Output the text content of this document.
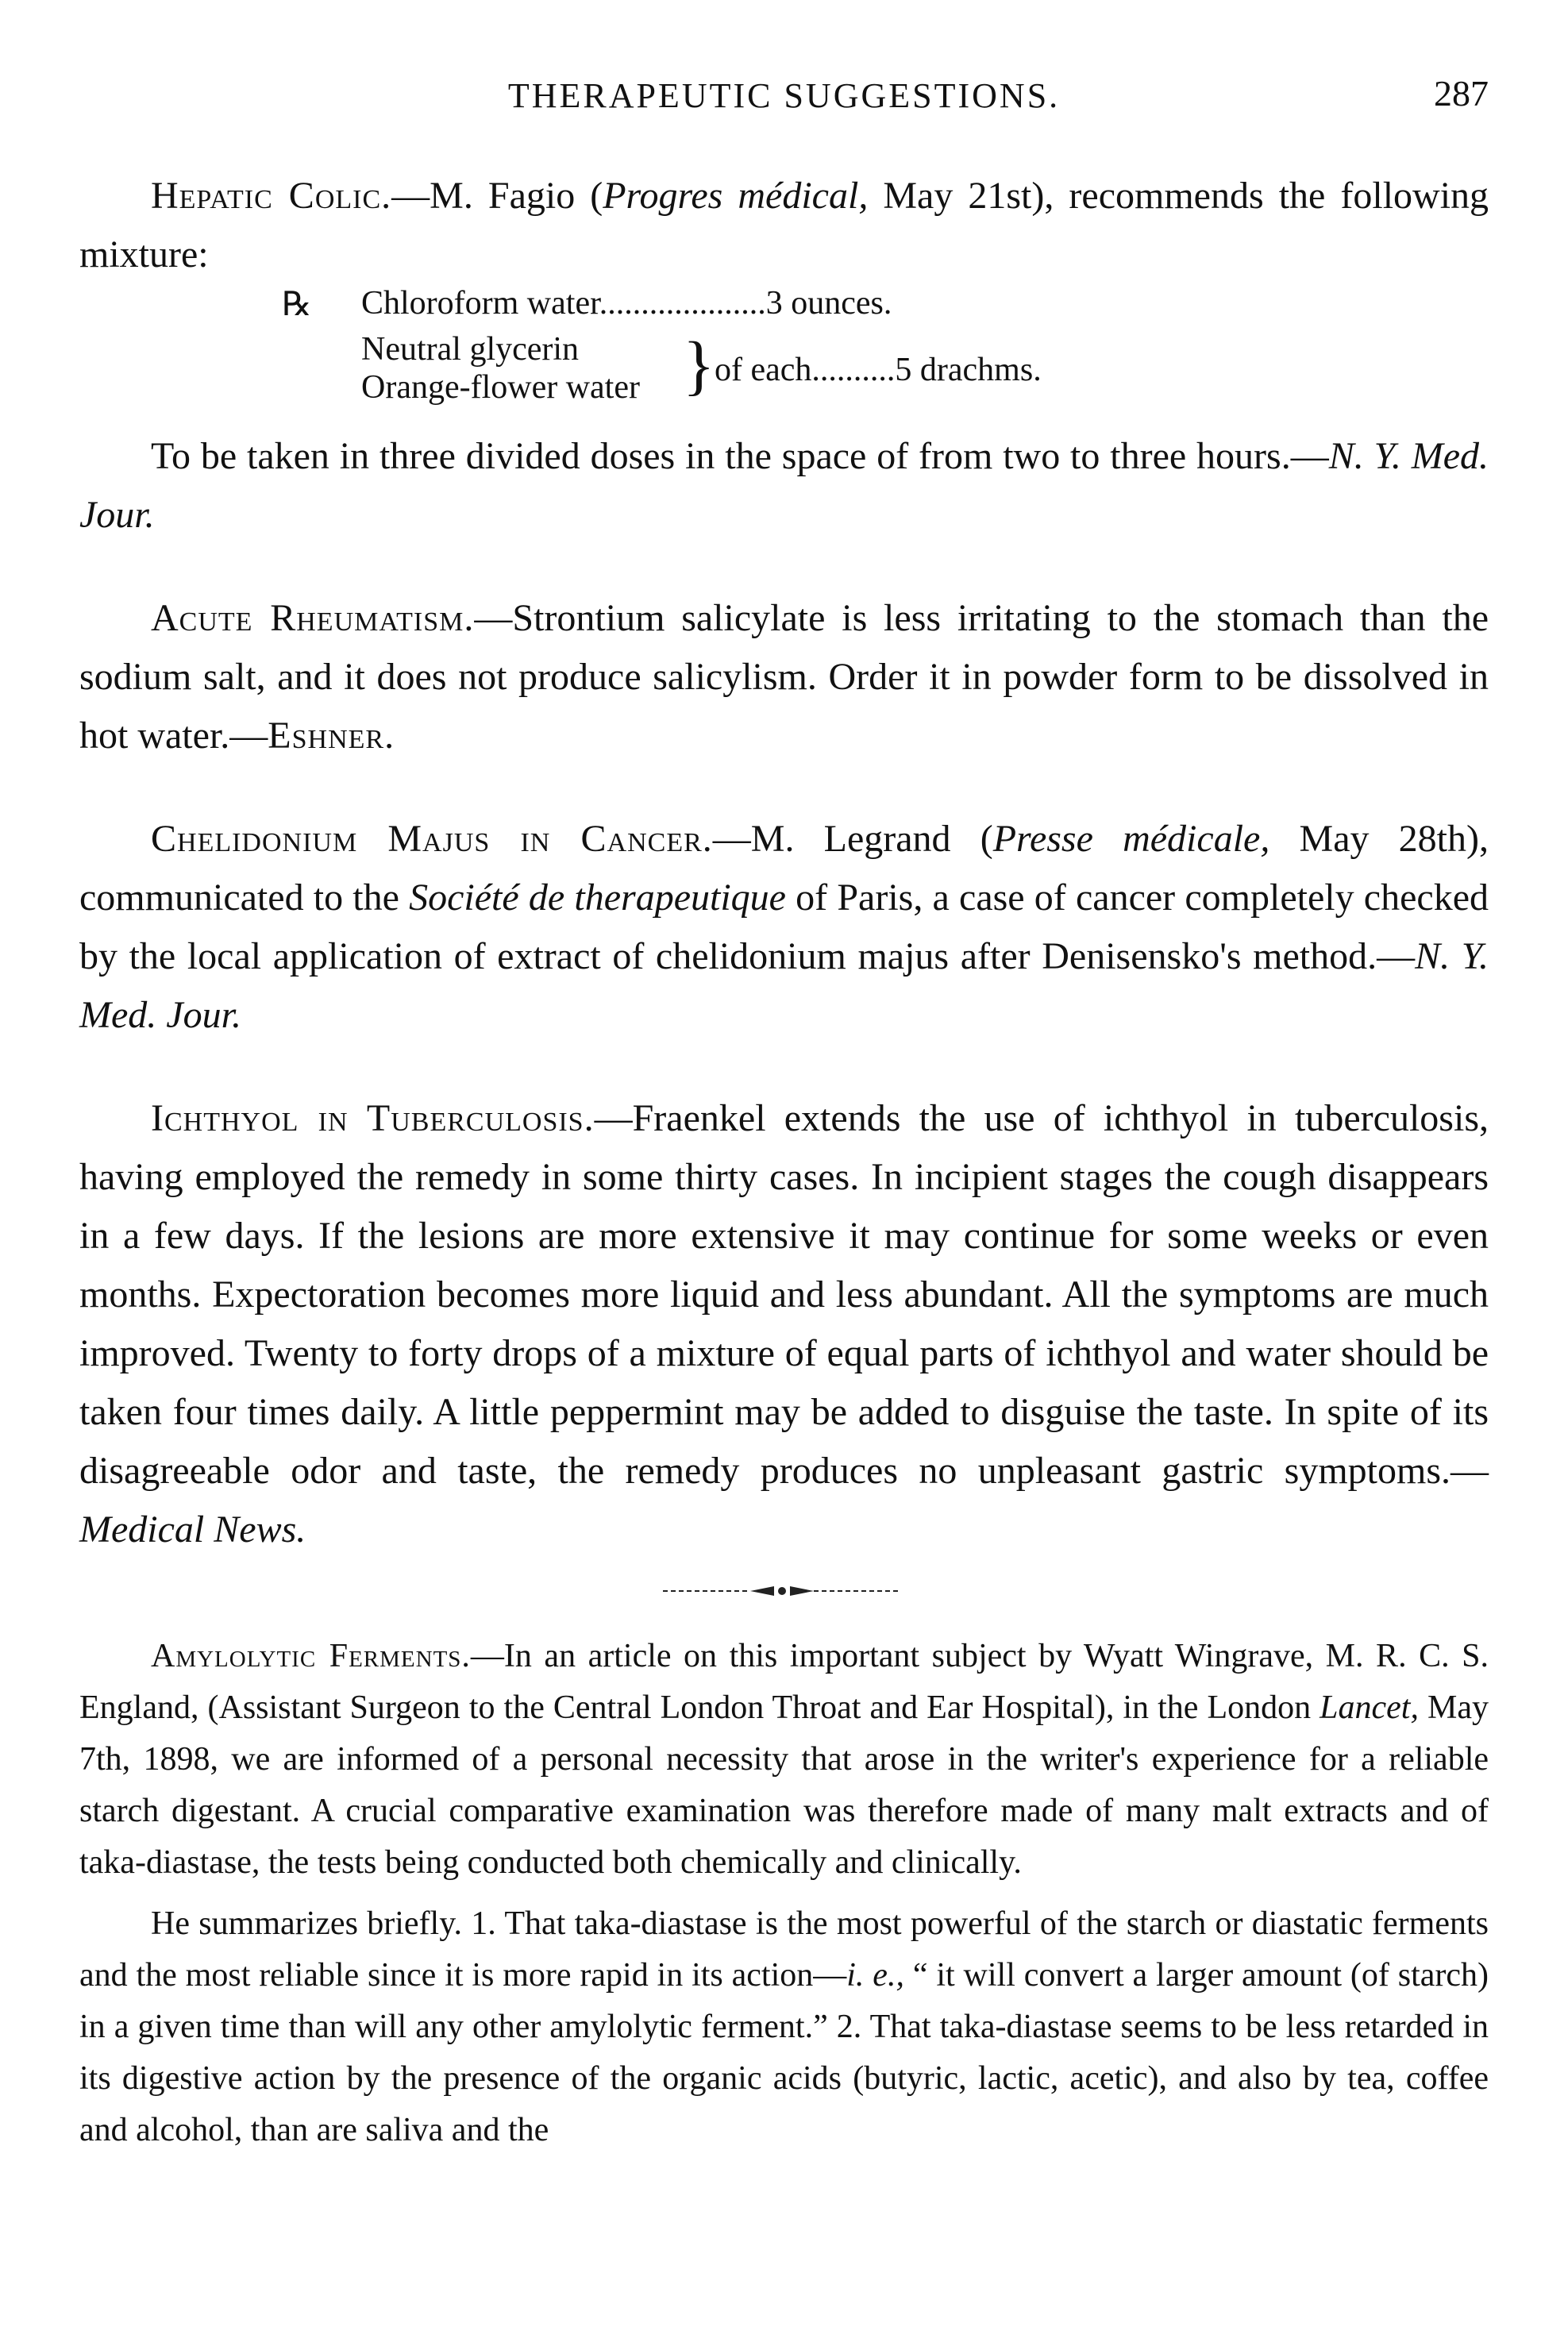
THERAPEUTIC SUGGESTIONS.	287

Hepatic Colic.—M. Fagio (Progres médical, May 21st), recommends the following mixture:

℞ Chloroform water....................3 ounces.
Neutral glycerin
Orange-flower water } of each..........5 drachms.

To be taken in three divided doses in the space of from two to three hours.—N. Y. Med. Jour.

Acute Rheumatism.—Strontium salicylate is less irritating to the stomach than the sodium salt, and it does not produce salicylism. Order it in powder form to be dissolved in hot water.—Eshner.

Chelidonium Majus in Cancer.—M. Legrand (Presse médicale, May 28th), communicated to the Société de therapeutique of Paris, a case of cancer completely checked by the local application of extract of chelidonium majus after Denisensko's method.—N. Y. Med. Jour.

Ichthyol in Tuberculosis.—Fraenkel extends the use of ichthyol in tuberculosis, having employed the remedy in some thirty cases. In incipient stages the cough disappears in a few days. If the lesions are more extensive it may continue for some weeks or even months. Expectoration becomes more liquid and less abundant. All the symptoms are much improved. Twenty to forty drops of a mixture of equal parts of ichthyol and water should be taken four times daily. A little peppermint may be added to disguise the taste. In spite of its disagreeable odor and taste, the remedy produces no unpleasant gastric symptoms.—Medical News.

Amylolytic Ferments.—In an article on this important subject by Wyatt Wingrave, M. R. C. S. England, (Assistant Surgeon to the Central London Throat and Ear Hospital), in the London Lancet, May 7th, 1898, we are informed of a personal necessity that arose in the writer's experience for a reliable starch digestant. A crucial comparative examination was therefore made of many malt extracts and of taka-diastase, the tests being conducted both chemically and clinically.

He summarizes briefly. 1. That taka-diastase is the most powerful of the starch or diastatic ferments and the most reliable since it is more rapid in its action—i. e., “ it will convert a larger amount (of starch) in a given time than will any other amylolytic ferment.” 2. That taka-diastase seems to be less retarded in its digestive action by the presence of the organic acids (butyric, lactic, acetic), and also by tea, coffee and alcohol, than are saliva and the
